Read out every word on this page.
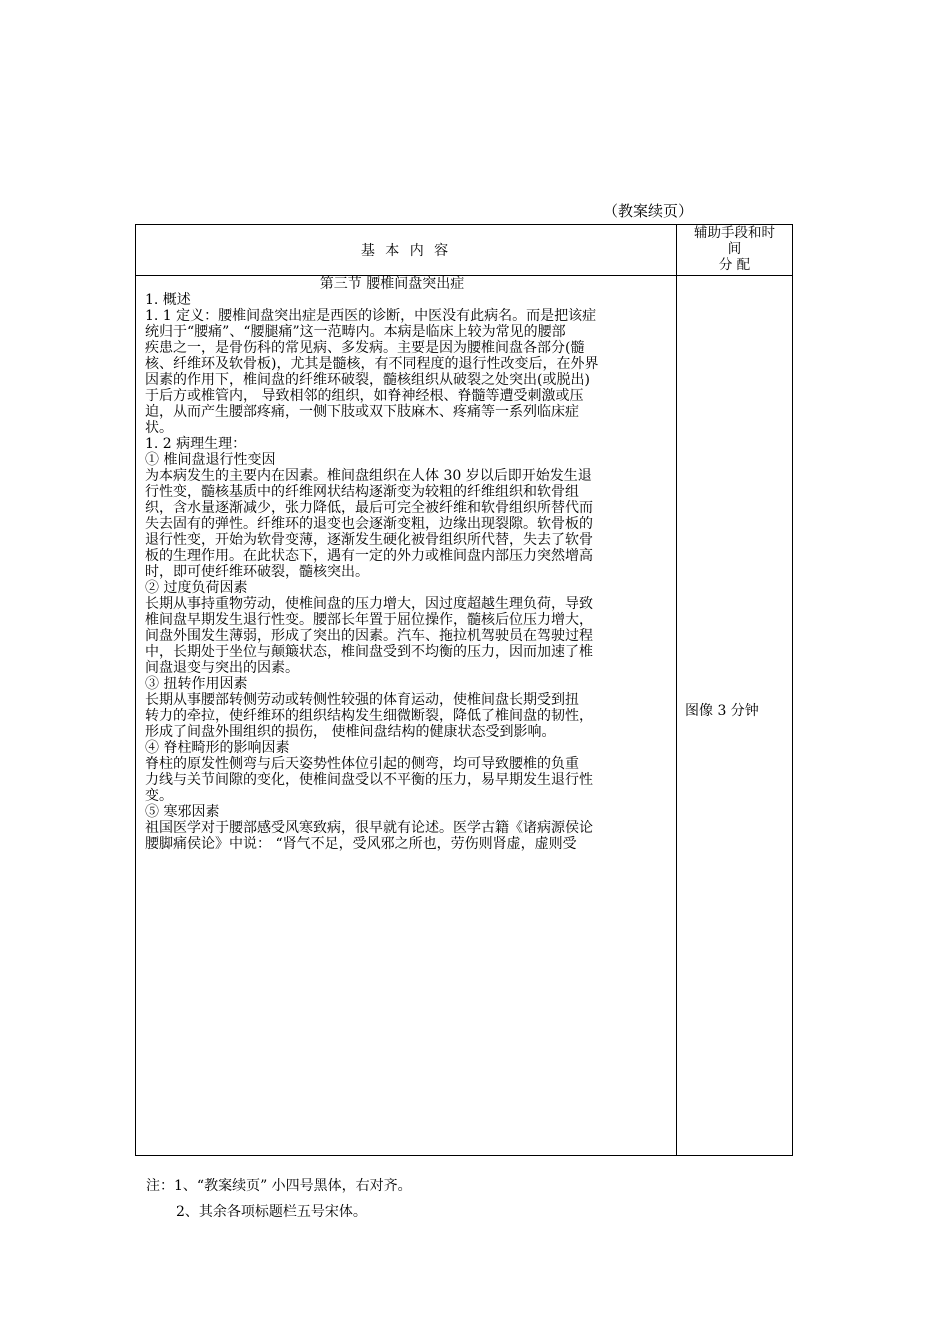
（教案续页）
基 本 内 容
辅助手段和时
间
分 配
第三节 腰椎间盘突出症
1. 概述
1. 1 定义：腰椎间盘突出症是西医的诊断，中医没有此病名。而是把该症
统归于“腰痛”、“腰腿痛”这一范畴内。本病是临床上较为常见的腰部
疾患之一，是骨伤科的常见病、多发病。主要是因为腰椎间盘各部分(髓
核、纤维环及软骨板)，尤其是髓核，有不同程度的退行性改变后，在外界
因素的作用下，椎间盘的纤维环破裂，髓核组织从破裂之处突出(或脱出)
于后方或椎管内， 导致相邻的组织，如脊神经根、脊髓等遭受刺激或压
迫，从而产生腰部疼痛，一侧下肢或双下肢麻木、疼痛等一系列临床症
状。
1. 2 病理生理：
① 椎间盘退行性变因
为本病发生的主要内在因素。椎间盘组织在人体 30 岁以后即开始发生退
行性变，髓核基质中的纤维网状结构逐渐变为较粗的纤维组织和软骨组
织，含水量逐渐减少，张力降低，最后可完全被纤维和软骨组织所替代而
失去固有的弹性。纤维环的退变也会逐渐变粗，边缘出现裂隙。软骨板的
退行性变，开始为软骨变薄，逐渐发生硬化被骨组织所代替，失去了软骨
板的生理作用。在此状态下，遇有一定的外力或椎间盘内部压力突然增高
时，即可使纤维环破裂，髓核突出。
② 过度负荷因素
长期从事持重物劳动，使椎间盘的压力增大，因过度超越生理负荷，导致
椎间盘早期发生退行性变。腰部长年置于屈位操作，髓核后位压力增大，
间盘外围发生薄弱，形成了突出的因素。汽车、拖拉机驾驶员在驾驶过程
中，长期处于坐位与颠簸状态，椎间盘受到不均衡的压力，因而加速了椎
间盘退变与突出的因素。
③ 扭转作用因素
长期从事腰部转侧劳动或转侧性较强的体育运动，使椎间盘长期受到扭
转力的牵拉，使纤维环的组织结构发生细微断裂，降低了椎间盘的韧性，
形成了间盘外围组织的损伤， 使椎间盘结构的健康状态受到影响。
④ 脊柱畸形的影响因素
脊柱的原发性侧弯与后天姿势性体位引起的侧弯，均可导致腰椎的负重
力线与关节间隙的变化，使椎间盘受以不平衡的压力，易早期发生退行性
变。
⑤ 寒邪因素
祖国医学对于腰部感受风寒致病，很早就有论述。医学古籍《诸病源侯论
腰脚痛侯论》中说： “肾气不足，受风邪之所也，劳伤则肾虚，虚则受
图像 3 分钟
注：1、“教案续页” 小四号黑体，右对齐。
2、其余各项标题栏五号宋体。
